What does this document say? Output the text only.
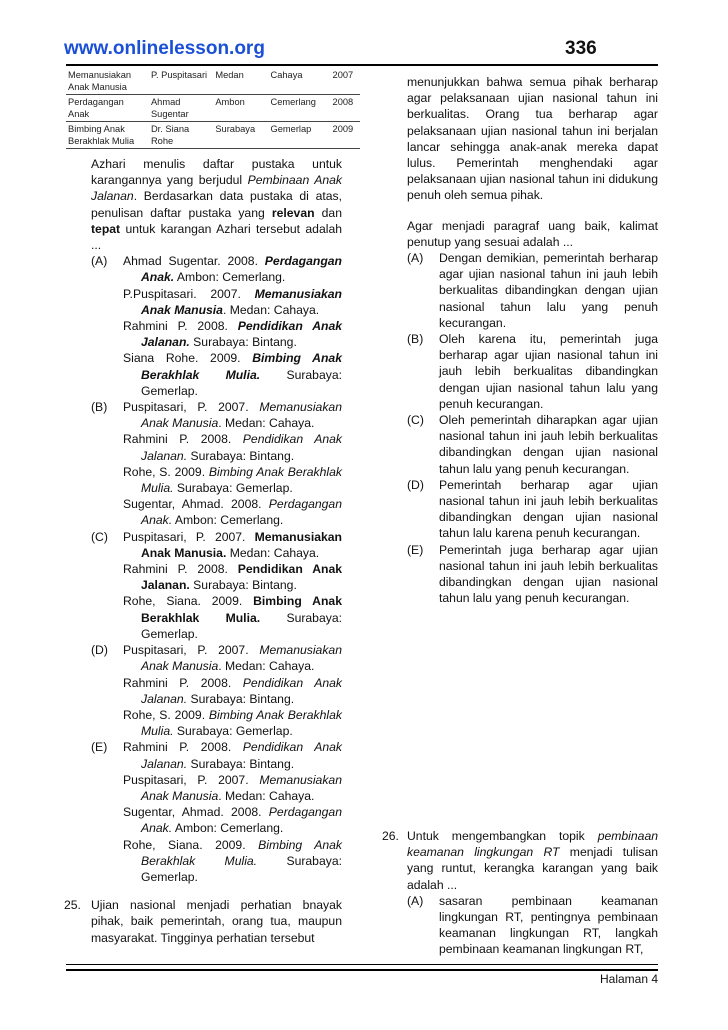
www.onlinelesson.org	336
Memanusiakan Anak Manusia	P. Puspitasari	Medan	Cahaya	2007
Perdagangan Anak	Ahmad Sugentar	Ambon	Cemerlang	2008
Bimbing Anak Berakhlak Mulia	Dr. Siana Rohe	Surabaya	Gemerlap	2009

Azhari menulis daftar pustaka untuk karangannya yang berjudul Pembinaan Anak Jalanan. Berdasarkan data pustaka di atas, penulisan daftar pustaka yang relevan dan tepat untuk karangan Azhari tersebut adalah ...

(A) Ahmad Sugentar. 2008. Perdagangan Anak. Ambon: Cemerlang.

P.Puspitasari. 2007. Memanusiakan Anak Manusia. Medan: Cahaya.

Rahmini P. 2008. Pendidikan Anak Jalanan. Surabaya: Bintang.

Siana Rohe. 2009. Bimbing Anak Berakhlak Mulia. Surabaya: Gemerlap.

(B) Puspitasari, P. 2007. Memanusiakan Anak Manusia. Medan: Cahaya.

Rahmini P. 2008. Pendidikan Anak Jalanan. Surabaya: Bintang.

Rohe, S. 2009. Bimbing Anak Berakhlak Mulia. Surabaya: Gemerlap.

Sugentar, Ahmad. 2008. Perdagangan Anak. Ambon: Cemerlang.

(C) Puspitasari, P. 2007. Memanusiakan Anak Manusia. Medan: Cahaya.

Rahmini P. 2008. Pendidikan Anak Jalanan. Surabaya: Bintang.

Rohe, Siana. 2009. Bimbing Anak Berakhlak Mulia. Surabaya: Gemerlap.

(D) Puspitasari, P. 2007. Memanusiakan Anak Manusia. Medan: Cahaya.

Rahmini P. 2008. Pendidikan Anak Jalanan. Surabaya: Bintang.

Rohe, S. 2009. Bimbing Anak Berakhlak Mulia. Surabaya: Gemerlap.

(E) Rahmini P. 2008. Pendidikan Anak Jalanan. Surabaya: Bintang.

Puspitasari, P. 2007. Memanusiakan Anak Manusia. Medan: Cahaya.

Sugentar, Ahmad. 2008. Perdagangan Anak. Ambon: Cemerlang.

Rohe, Siana. 2009. Bimbing Anak Berakhlak Mulia. Surabaya: Gemerlap.

25. Ujian nasional menjadi perhatian bnayak pihak, baik pemerintah, orang tua, maupun masyarakat. Tingginya perhatian tersebut

menunjukkan bahwa semua pihak berharap agar pelaksanaan ujian nasional tahun ini berkualitas. Orang tua berharap agar pelaksanaan ujian nasional tahun ini berjalan lancar sehingga anak-anak mereka dapat lulus. Pemerintah menghendaki agar pelaksanaan ujian nasional tahun ini didukung penuh oleh semua pihak.

Agar menjadi paragraf uang baik, kalimat penutup yang sesuai adalah ...

(A) Dengan demikian, pemerintah berharap agar ujian nasional tahun ini jauh lebih berkualitas dibandingkan dengan ujian nasional tahun lalu yang penuh kecurangan.

(B) Oleh karena itu, pemerintah juga berharap agar ujian nasional tahun ini jauh lebih berkualitas dibandingkan dengan ujian nasional tahun lalu yang penuh kecurangan.

(C) Oleh pemerintah diharapkan agar ujian nasional tahun ini jauh lebih berkualitas dibandingkan dengan ujian nasional tahun lalu yang penuh kecurangan.

(D) Pemerintah berharap agar ujian nasional tahun ini jauh lebih berkualitas dibandingkan dengan ujian nasional tahun lalu karena penuh kecurangan.

(E) Pemerintah juga berharap agar ujian nasional tahun ini jauh lebih berkualitas dibandingkan dengan ujian nasional tahun lalu yang penuh kecurangan.

26. Untuk mengembangkan topik pembinaan keamanan lingkungan RT menjadi tulisan yang runtut, kerangka karangan yang baik adalah ...

(A) sasaran pembinaan keamanan lingkungan RT, pentingnya pembinaan keamanan lingkungan RT, langkah pembinaan keamanan lingkungan RT,

Halaman 4
